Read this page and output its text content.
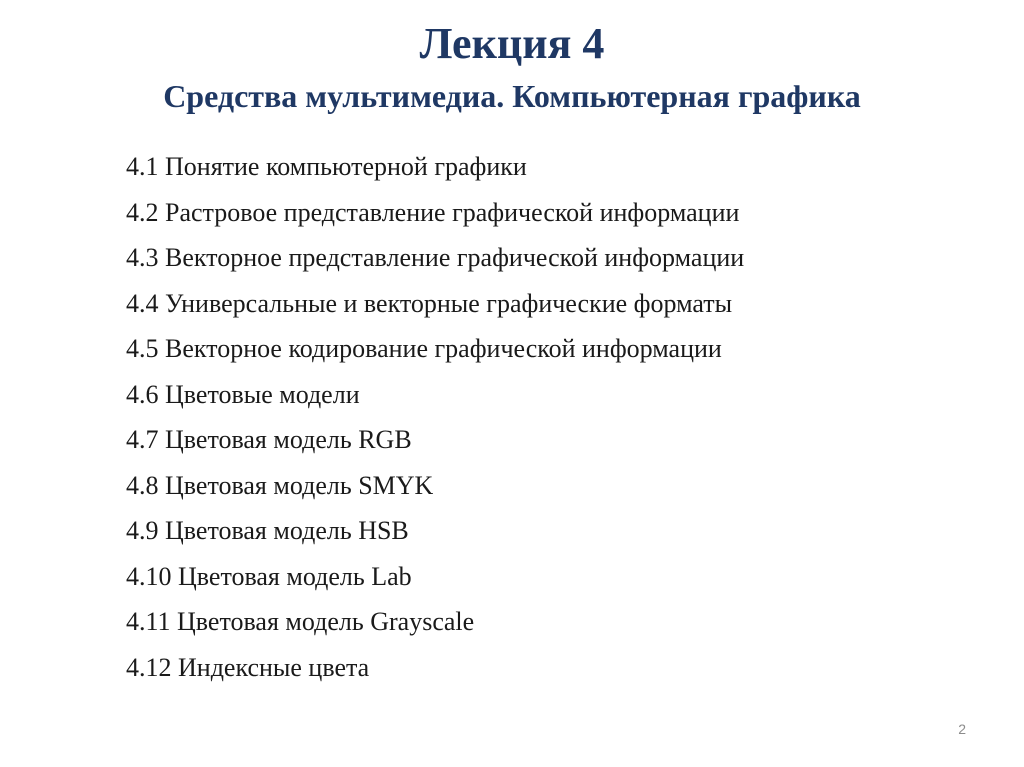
Лекция 4
Средства мультимедиа. Компьютерная графика
4.1 Понятие компьютерной графики
4.2 Растровое представление графической информации
4.3 Векторное представление графической информации
4.4 Универсальные и векторные графические форматы
4.5 Векторное кодирование графической информации
4.6 Цветовые модели
4.7 Цветовая модель RGB
4.8 Цветовая модель SMYK
4.9 Цветовая модель HSB
4.10 Цветовая модель Lab
4.11 Цветовая модель Grayscale
4.12 Индексные цвета
2
